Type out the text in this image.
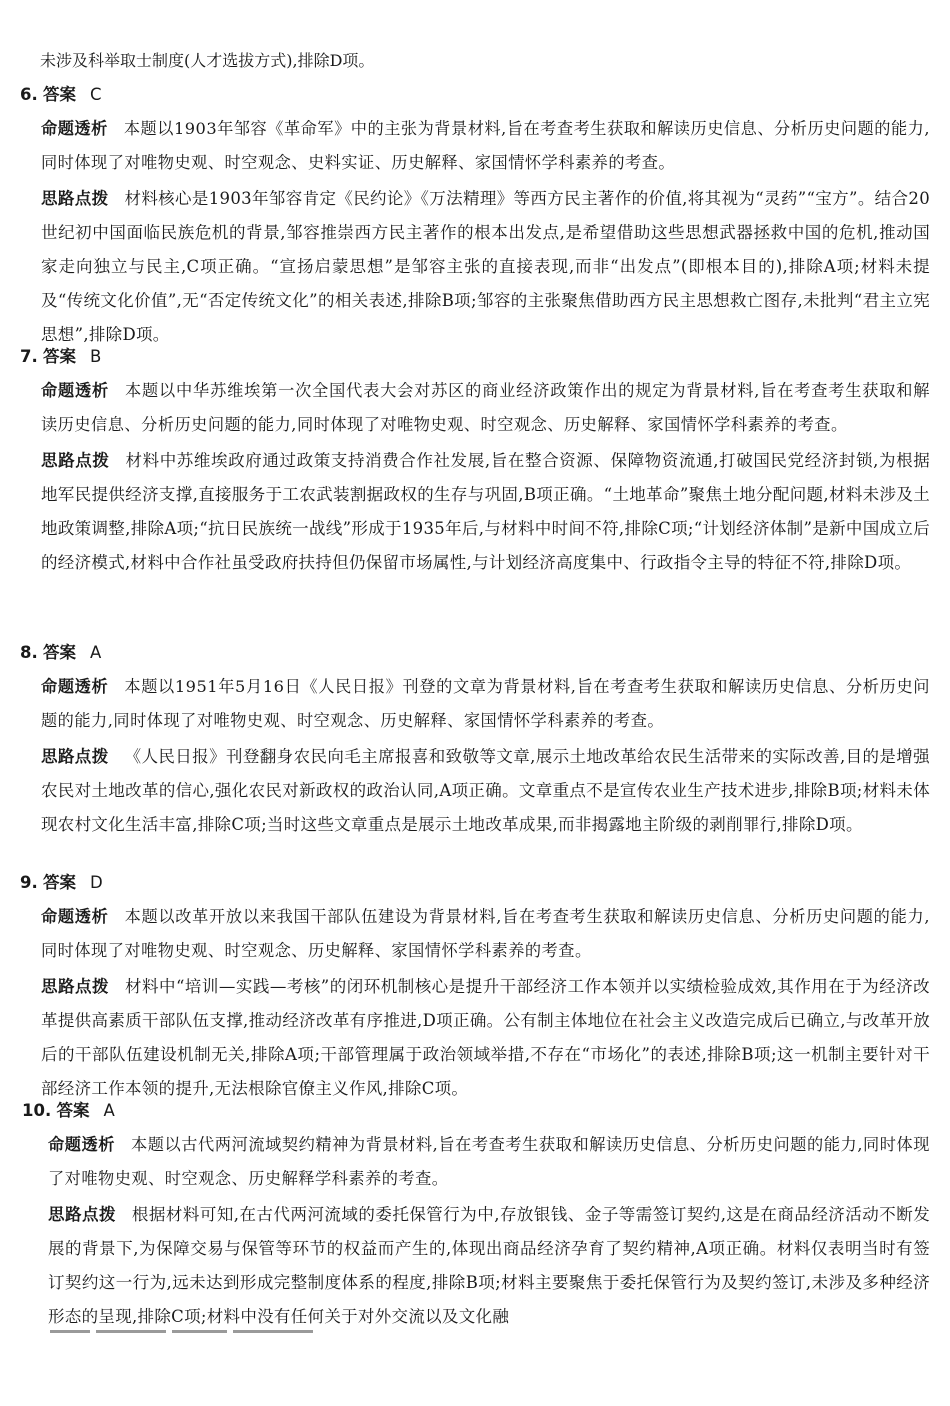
未涉及科举取士制度(人才选拔方式),排除D项。
6. 答案 C
命题透析 本题以1903年邹容《革命军》中的主张为背景材料,旨在考查考生获取和解读历史信息、分析历史问题的能力,同时体现了对唯物史观、时空观念、史料实证、历史解释、家国情怀学科素养的考查。
思路点拨 材料核心是1903年邹容肯定《民约论》《万法精理》等西方民主著作的价值,将其视为“灵药”“宝方”。结合20世纪初中国面临民族危机的背景,邹容推崇西方民主著作的根本出发点,是希望借助这些思想武器拯救中国的危机,推动国家走向独立与民主,C项正确。“宣扬启蒙思想”是邹容主张的直接表现,而非“出发点”(即根本目的),排除A项;材料未提及“传统文化价值”,无“否定传统文化”的相关表述,排除B项;邹容的主张聚焦借助西方民主思想救亡图存,未批判“君主立宪思想”,排除D项。
7. 答案 B
命题透析 本题以中华苏维埃第一次全国代表大会对苏区的商业经济政策作出的规定为背景材料,旨在考查考生获取和解读历史信息、分析历史问题的能力,同时体现了对唯物史观、时空观念、历史解释、家国情怀学科素养的考查。
思路点拨 材料中苏维埃政府通过政策支持消费合作社发展,旨在整合资源、保障物资流通,打破国民党经济封锁,为根据地军民提供经济支撑,直接服务于工农武装割据政权的生存与巩固,B项正确。“土地革命”聚焦土地分配问题,材料未涉及土地政策调整,排除A项;“抗日民族统一战线”形成于1935年后,与材料中时间不符,排除C项;“计划经济体制”是新中国成立后的经济模式,材料中合作社虽受政府扶持但仍保留市场属性,与计划经济高度集中、行政指令主导的特征不符,排除D项。
8. 答案 A
命题透析 本题以1951年5月16日《人民日报》刊登的文章为背景材料,旨在考查考生获取和解读历史信息、分析历史问题的能力,同时体现了对唯物史观、时空观念、历史解释、家国情怀学科素养的考查。
思路点拨 《人民日报》刊登翻身农民向毛主席报喜和致敬等文章,展示土地改革给农民生活带来的实际改善,目的是增强农民对土地改革的信心,强化农民对新政权的政治认同,A项正确。文章重点不是宣传农业生产技术进步,排除B项;材料未体现农村文化生活丰富,排除C项;当时这些文章重点是展示土地改革成果,而非揭露地主阶级的剥削罪行,排除D项。
9. 答案 D
命题透析 本题以改革开放以来我国干部队伍建设为背景材料,旨在考查考生获取和解读历史信息、分析历史问题的能力,同时体现了对唯物史观、时空观念、历史解释、家国情怀学科素养的考查。
思路点拨 材料中“培训—实践—考核”的闭环机制核心是提升干部经济工作本领并以实绩检验成效,其作用在于为经济改革提供高素质干部队伍支撑,推动经济改革有序推进,D项正确。公有制主体地位在社会主义改造完成后已确立,与改革开放后的干部队伍建设机制无关,排除A项;干部管理属于政治领域举措,不存在“市场化”的表述,排除B项;这一机制主要针对干部经济工作本领的提升,无法根除官僚主义作风,排除C项。
10. 答案 A
命题透析 本题以古代两河流域契约精神为背景材料,旨在考查考生获取和解读历史信息、分析历史问题的能力,同时体现了对唯物史观、时空观念、历史解释学科素养的考查。
思路点拨 根据材料可知,在古代两河流域的委托保管行为中,存放银钱、金子等需签订契约,这是在商品经济活动不断发展的背景下,为保障交易与保管等环节的权益而产生的,体现出商品经济孕育了契约精神,A项正确。材料仅表明当时有签订契约这一行为,远未达到形成完整制度体系的程度,排除B项;材料主要聚焦于委托保管行为及契约签订,未涉及多种经济形态的呈现,排除C项;材料中没有任何关于对外交流以及文化融
